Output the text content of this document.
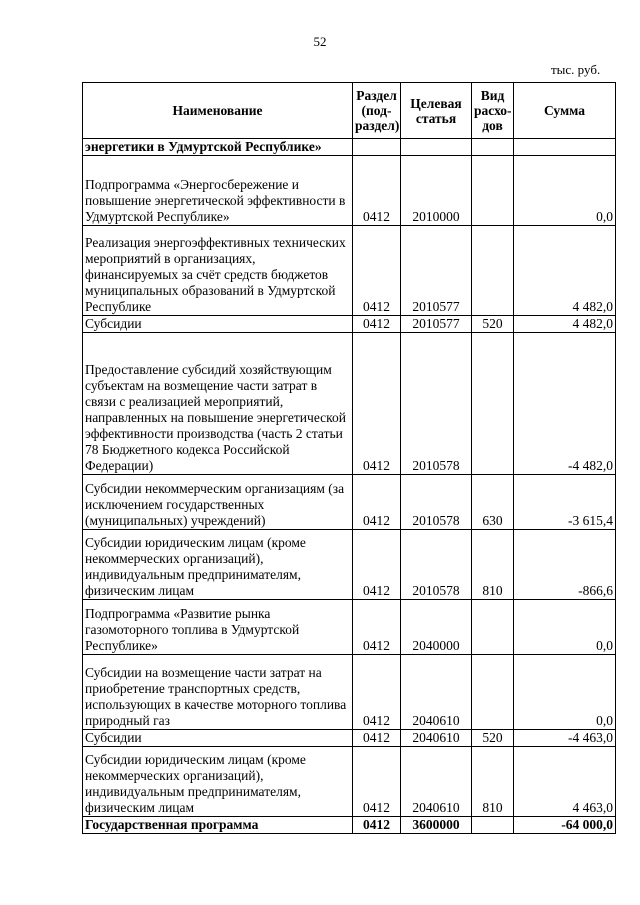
52
тыс. руб.
Наименование	Раздел (под-раздел)	Целевая статья	Вид расхо-дов	Сумма
энергетики в Удмуртской Республике»				
Подпрограмма «Энергосбережение и повышение энергетической эффективности в Удмуртской Республике»	0412	2010000		0,0
Реализация энергоэффективных технических мероприятий в организациях, финансируемых за счёт средств бюджетов муниципальных образований в Удмуртской Республике	0412	2010577		4 482,0
Субсидии	0412	2010577	520	4 482,0
Предоставление субсидий хозяйствующим субъектам на возмещение части затрат в связи с реализацией мероприятий, направленных на повышение энергетической эффективности производства (часть 2 статьи 78 Бюджетного кодекса Российской Федерации)	0412	2010578		-4 482,0
Субсидии некоммерческим организациям (за исключением государственных (муниципальных) учреждений)	0412	2010578	630	-3 615,4
Субсидии юридическим лицам (кроме некоммерческих организаций), индивидуальным предпринимателям, физическим лицам	0412	2010578	810	-866,6
Подпрограмма «Развитие рынка газомоторного топлива в Удмуртской Республике»	0412	2040000		0,0
Субсидии на возмещение части затрат на приобретение транспортных средств, использующих в качестве моторного топлива природный газ	0412	2040610		0,0
Субсидии	0412	2040610	520	-4 463,0
Субсидии юридическим лицам (кроме некоммерческих организаций), индивидуальным предпринимателям, физическим лицам	0412	2040610	810	4 463,0
Государственная программа	0412	3600000		-64 000,0
